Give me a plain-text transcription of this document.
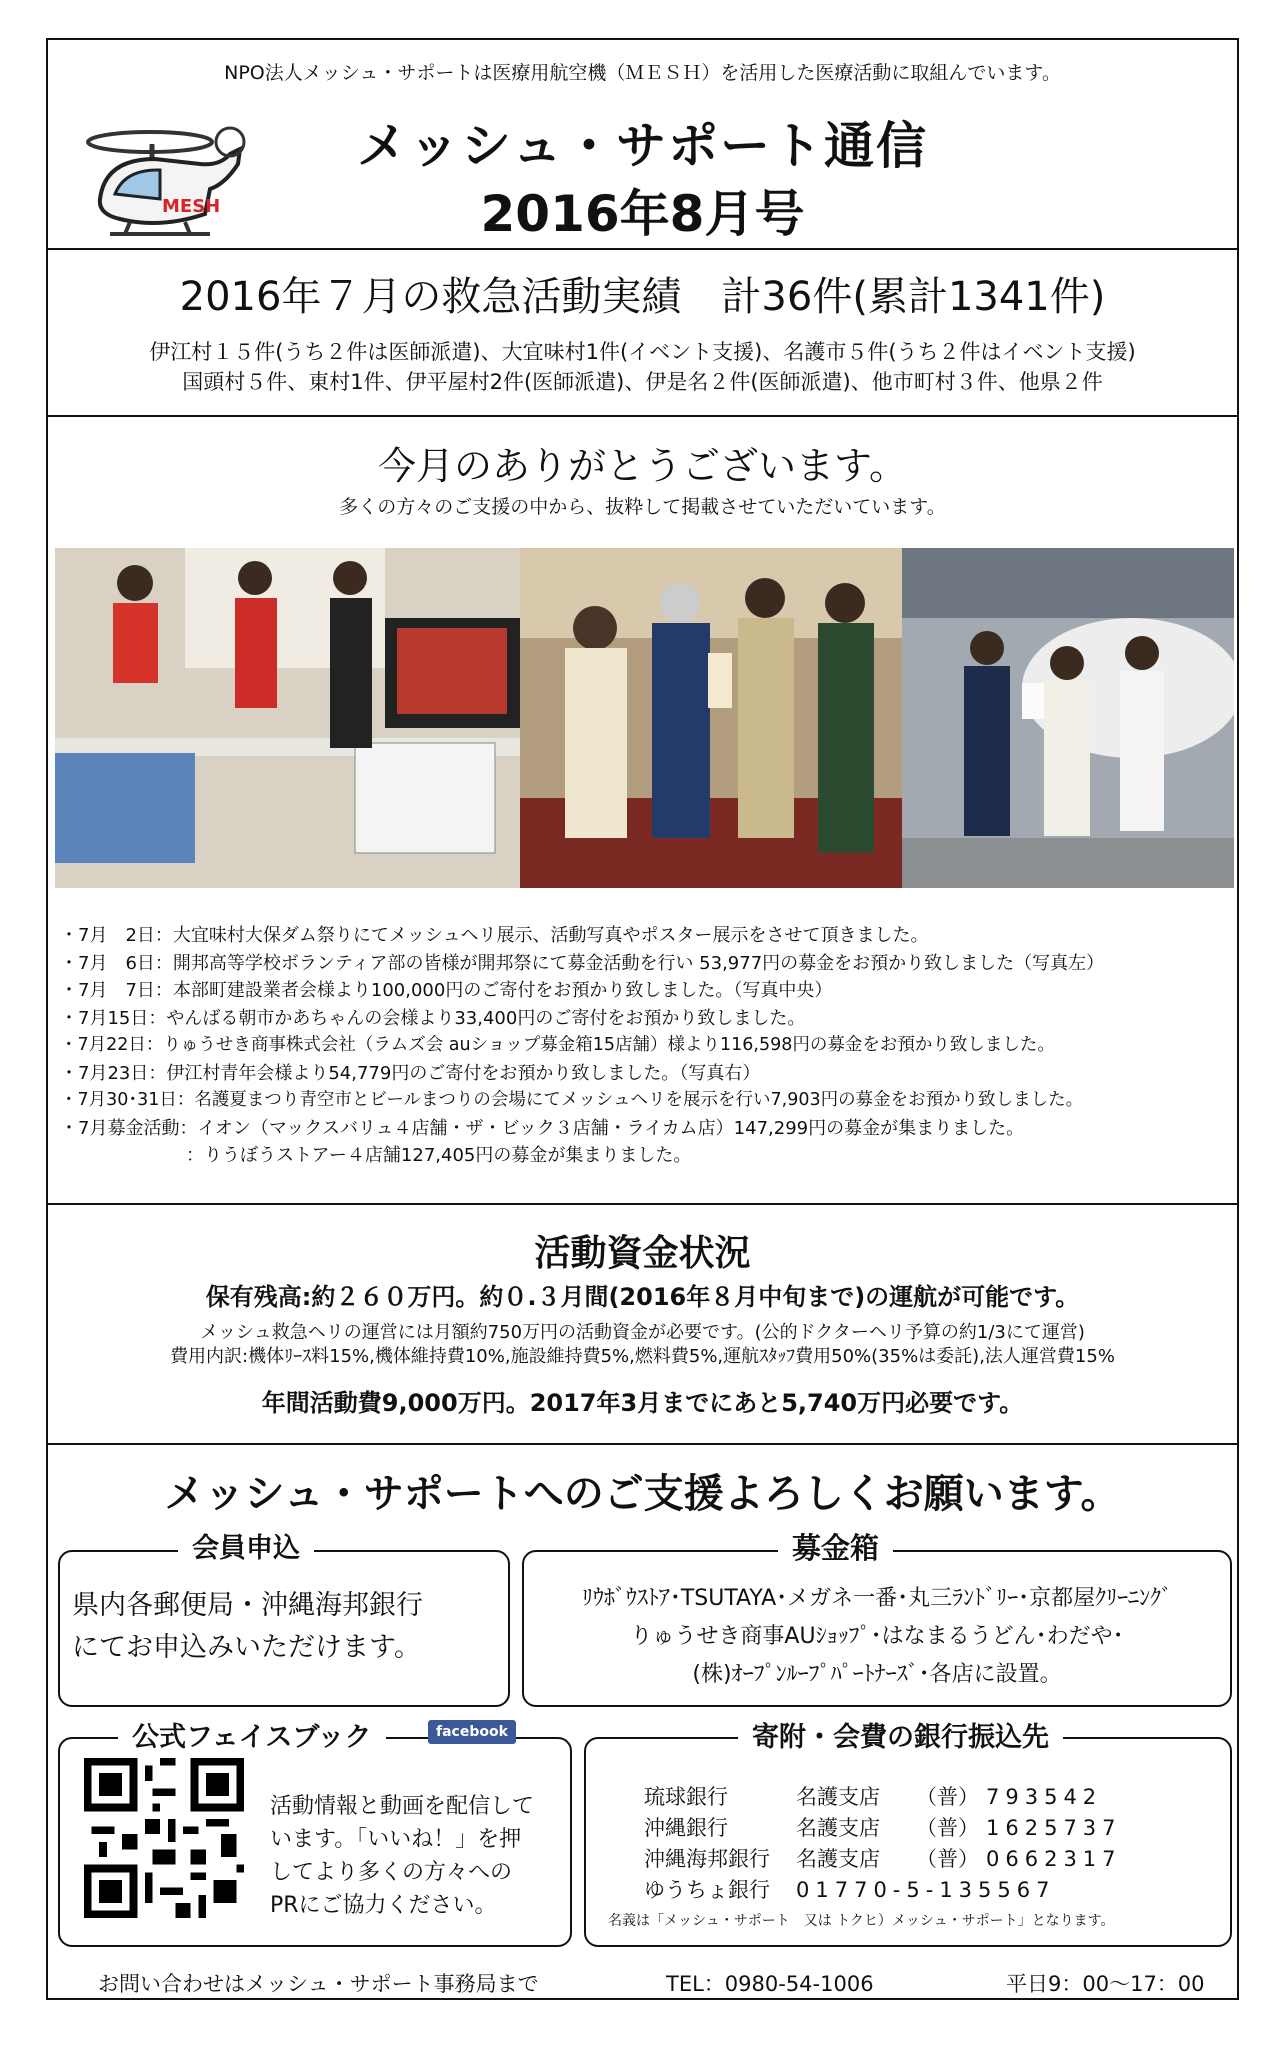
NPO法人メッシュ・サポートは医療用航空機（ＭＥＳＨ）を活用した医療活動に取組んでいます。
MESH
メッシュ・サポート通信
2016年8月号
2016年７月の救急活動実績　計36件(累計1341件)
伊江村１５件(うち２件は医師派遣)、大宜味村1件(イベント支援)、名護市５件(うち２件はイベント支援)
国頭村５件、東村1件、伊平屋村2件(医師派遣)、伊是名２件(医師派遣)、他市町村３件、他県２件
今月のありがとうございます。
多くの方々のご支援の中から、抜粋して掲載させていただいています。
・7月　2日：大宜味村大保ダム祭りにてメッシュヘリ展示、活動写真やポスター展示をさせて頂きました。
・7月　6日：開邦高等学校ボランティア部の皆様が開邦祭にて募金活動を行い 53,977円の募金をお預かり致しました（写真左）
・7月　7日：本部町建設業者会様より100,000円のご寄付をお預かり致しました。（写真中央）
・7月15日：やんばる朝市かあちゃんの会様より33,400円のご寄付をお預かり致しました。
・7月22日：りゅうせき商事株式会社（ラムズ会 auショップ募金箱15店舗）様より116,598円の募金をお預かり致しました。
・7月23日：伊江村青年会様より54,779円のご寄付をお預かり致しました。（写真右）
・7月30･31日：名護夏まつり青空市とビールまつりの会場にてメッシュヘリを展示を行い7,903円の募金をお預かり致しました。
・7月募金活動：イオン（マックスバリュ４店舗・ザ・ビック３店舗・ライカム店）147,299円の募金が集まりました。
　　　　　　　：りうぼうストアー４店舗127,405円の募金が集まりました。
活動資金状況
保有残高:約２６０万円。約０.３月間(2016年８月中旬まで)の運航が可能です。
メッシュ救急ヘリの運営には月額約750万円の活動資金が必要です。(公的ドクターヘリ予算の約1/3にて運営)
費用内訳:機体ﾘｰｽ料15%,機体維持費10%,施設維持費5%,燃料費5%,運航ｽﾀｯﾌ費用50%(35%は委託),法人運営費15%
年間活動費9,000万円。2017年3月までにあと5,740万円必要です。
メッシュ・サポートへのご支援よろしくお願います。
会員申込
県内各郵便局・沖縄海邦銀行
にてお申込みいただけます。
募金箱
ﾘｳﾎﾞｳｽﾄｱ･TSUTAYA･メガネ一番･丸三ﾗﾝﾄﾞﾘｰ･京都屋ｸﾘｰﾆﾝｸﾞ
りゅうせき商事AUｼｮｯﾌﾟ･はなまるうどん･わだや･
(株)ｵｰﾌﾟﾝﾙｰﾌﾟﾊﾟｰﾄﾅｰｽﾞ･各店に設置。
公式フェイスブック	facebook
活動情報と動画を配信して
います。「いいね！」を押
してより多くの方々への
PRにご協力ください。
寄附・会費の銀行振込先
琉球銀行	名護支店	（普） 793542
沖縄銀行	名護支店	（普） 1625737
沖縄海邦銀行	名護支店	（普） 0662317
ゆうちょ銀行	01770-5-135567
名義は「メッシュ・サポート　又は トクヒ）メッシュ・サポート」となります。
お問い合わせはメッシュ・サポート事務局まで	TEL：0980-54-1006	平日9：00～17：00
